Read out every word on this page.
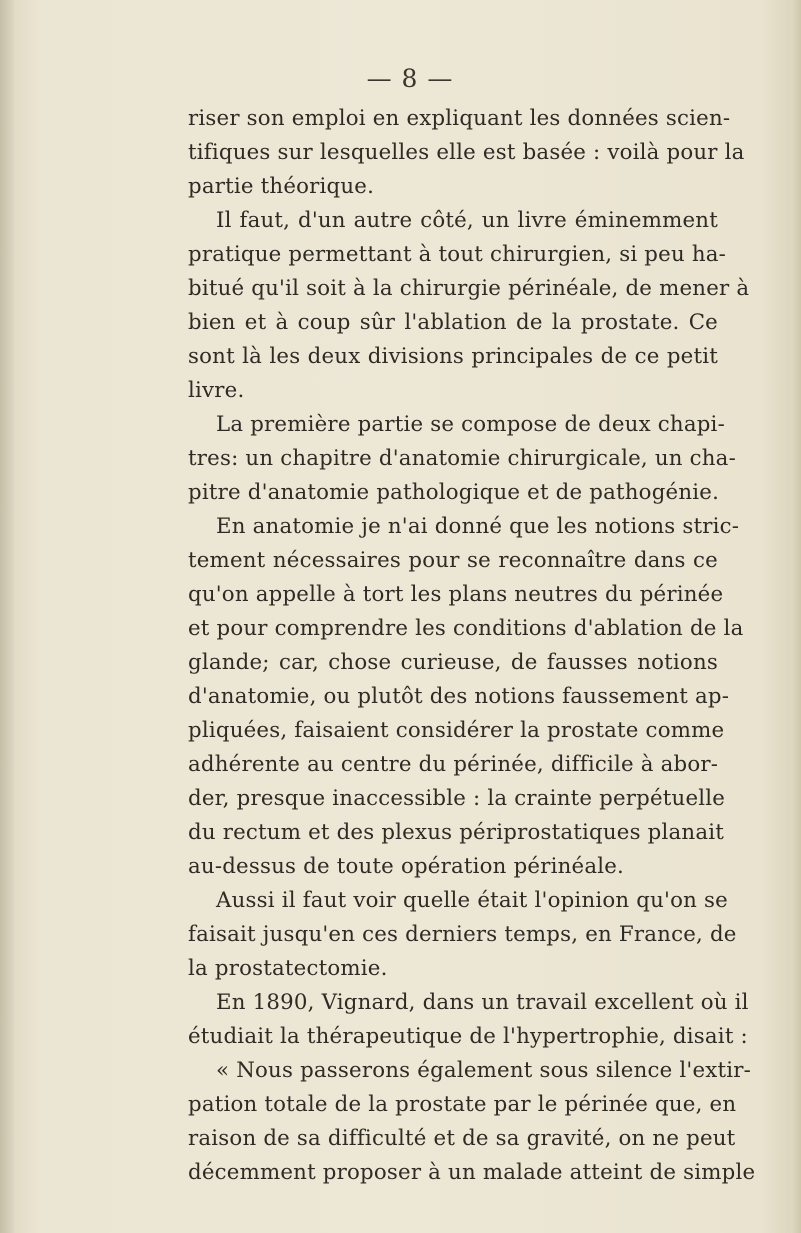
— 8 —
riser son emploi en expliquant les données scien-
tifiques sur lesquelles elle est basée : voilà pour la
partie théorique.
Il faut, d'un autre côté, un livre éminemment
pratique permettant à tout chirurgien, si peu ha-
bitué qu'il soit à la chirurgie périnéale, de mener à
bien et à coup sûr l'ablation de la prostate. Ce
sont là les deux divisions principales de ce petit
livre.
La première partie se compose de deux chapi-
tres: un chapitre d'anatomie chirurgicale, un cha-
pitre d'anatomie pathologique et de pathogénie.
En anatomie je n'ai donné que les notions stric-
tement nécessaires pour se reconnaître dans ce
qu'on appelle à tort les plans neutres du périnée
et pour comprendre les conditions d'ablation de la
glande; car, chose curieuse, de fausses notions
d'anatomie, ou plutôt des notions faussement ap-
pliquées, faisaient considérer la prostate comme
adhérente au centre du périnée, difficile à abor-
der, presque inaccessible : la crainte perpétuelle
du rectum et des plexus périprostatiques planait
au-dessus de toute opération périnéale.
Aussi il faut voir quelle était l'opinion qu'on se
faisait jusqu'en ces derniers temps, en France, de
la prostatectomie.
En 1890, Vignard, dans un travail excellent où il
étudiait la thérapeutique de l'hypertrophie, disait :
« Nous passerons également sous silence l'extir-
pation totale de la prostate par le périnée que, en
raison de sa difficulté et de sa gravité, on ne peut
décemment proposer à un malade atteint de simple
